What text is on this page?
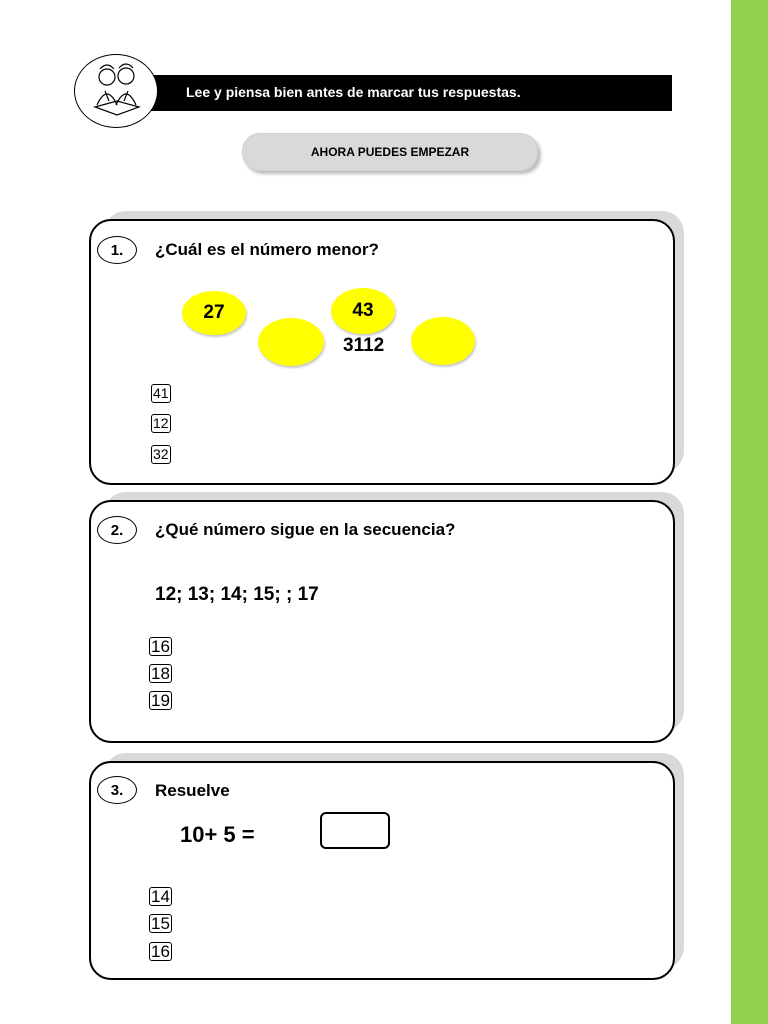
Lee y piensa bien antes de marcar tus respuestas.
AHORA PUEDES EMPEZAR
1.	¿Cuál es el número menor?
27	43
3112
41
12
32
2.	¿Qué número sigue en la secuencia?
12; 13; 14; 15; ; 17
16
18
19
3.	Resuelve
10+ 5 =
14
15
16
